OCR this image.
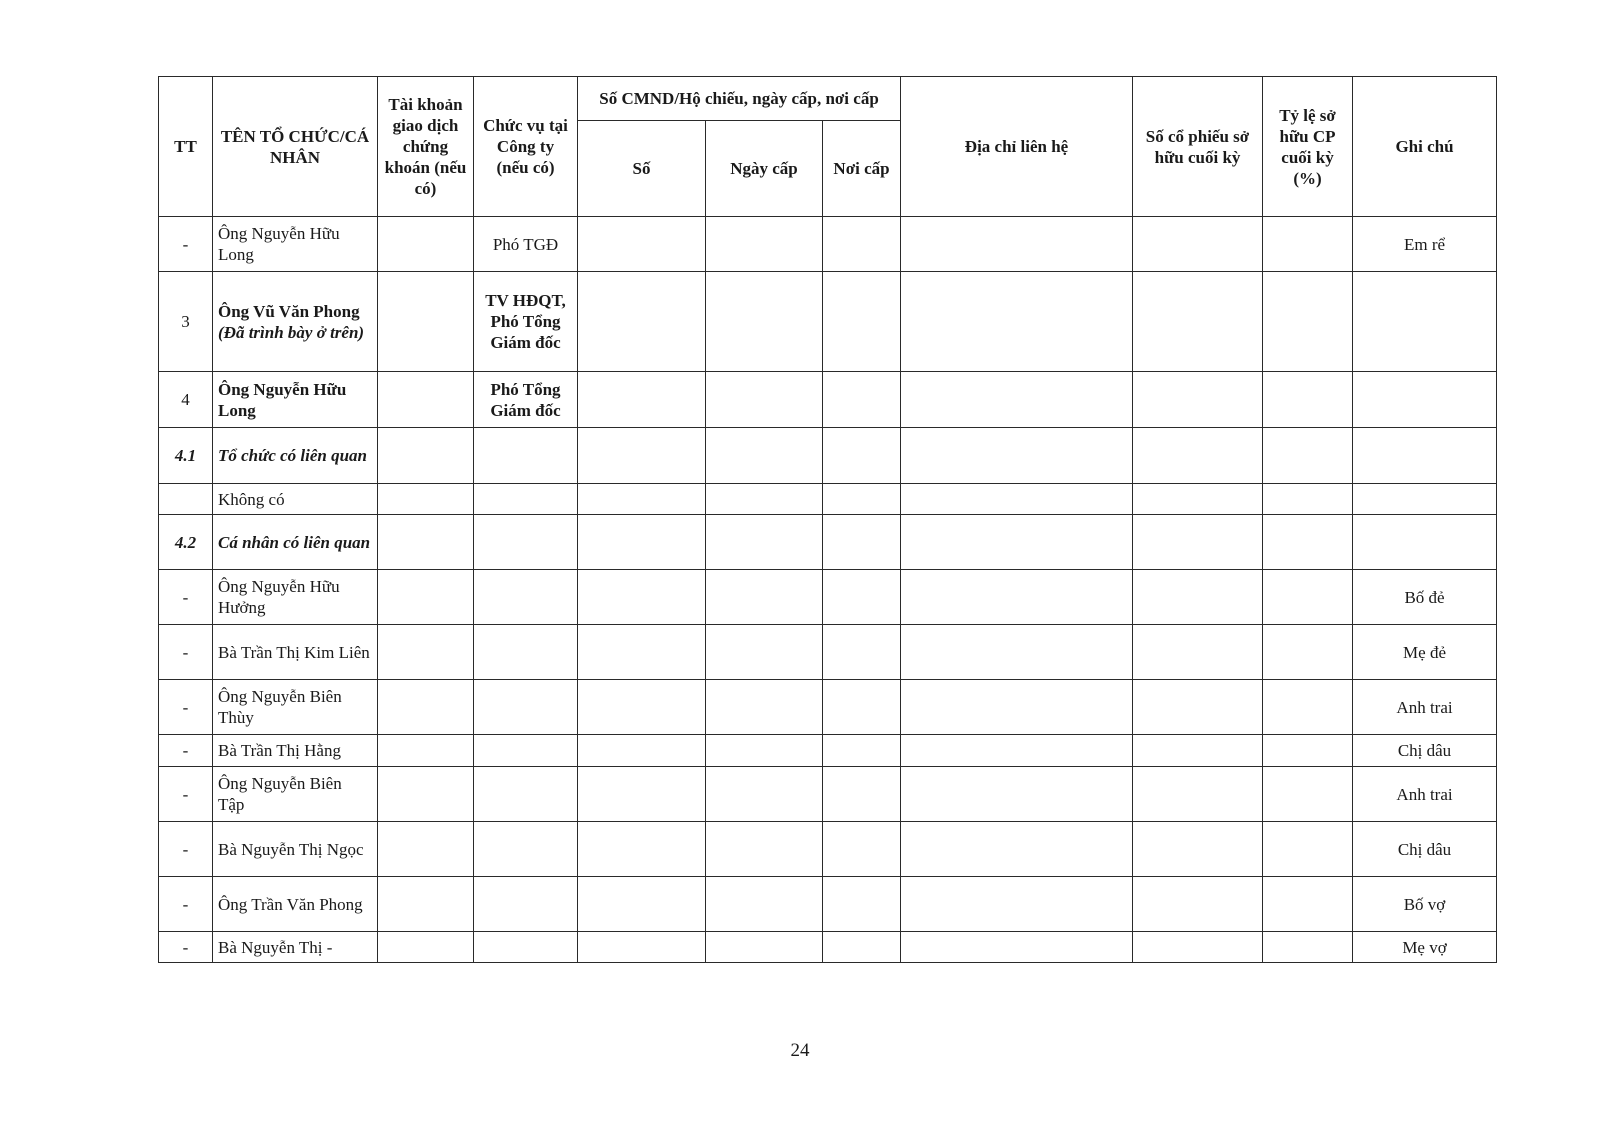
TT	TÊN TỔ CHỨC/CÁ NHÂN	Tài khoản giao dịch chứng khoán (nếu có)	Chức vụ tại Công ty (nếu có)	Số CMND/Hộ chiếu, ngày cấp, nơi cấp			Địa chỉ liên hệ	Số cổ phiếu sở hữu cuối kỳ	Tỷ lệ sở hữu CP cuối kỳ (%)	Ghi chú
				Số	Ngày cấp	Nơi cấp				
-	Ông Nguyễn Hữu Long		Phó TGĐ							Em rể
3	Ông Vũ Văn Phong (Đã trình bày ở trên)		TV HĐQT, Phó Tổng Giám đốc							
4	Ông Nguyễn Hữu Long		Phó Tổng Giám đốc							
4.1	Tổ chức có liên quan									
	Không có									
4.2	Cá nhân có liên quan									
-	Ông Nguyễn Hữu Hưởng									Bố đẻ
-	Bà Trần Thị Kim Liên									Mẹ đẻ
-	Ông Nguyễn Biên Thùy									Anh trai
-	Bà Trần Thị Hằng									Chị dâu
-	Ông Nguyễn Biên Tập									Anh trai
-	Bà Nguyễn Thị Ngọc									Chị dâu
-	Ông Trần Văn Phong									Bố vợ
-	Bà Nguyễn Thị -									Mẹ vợ
24
